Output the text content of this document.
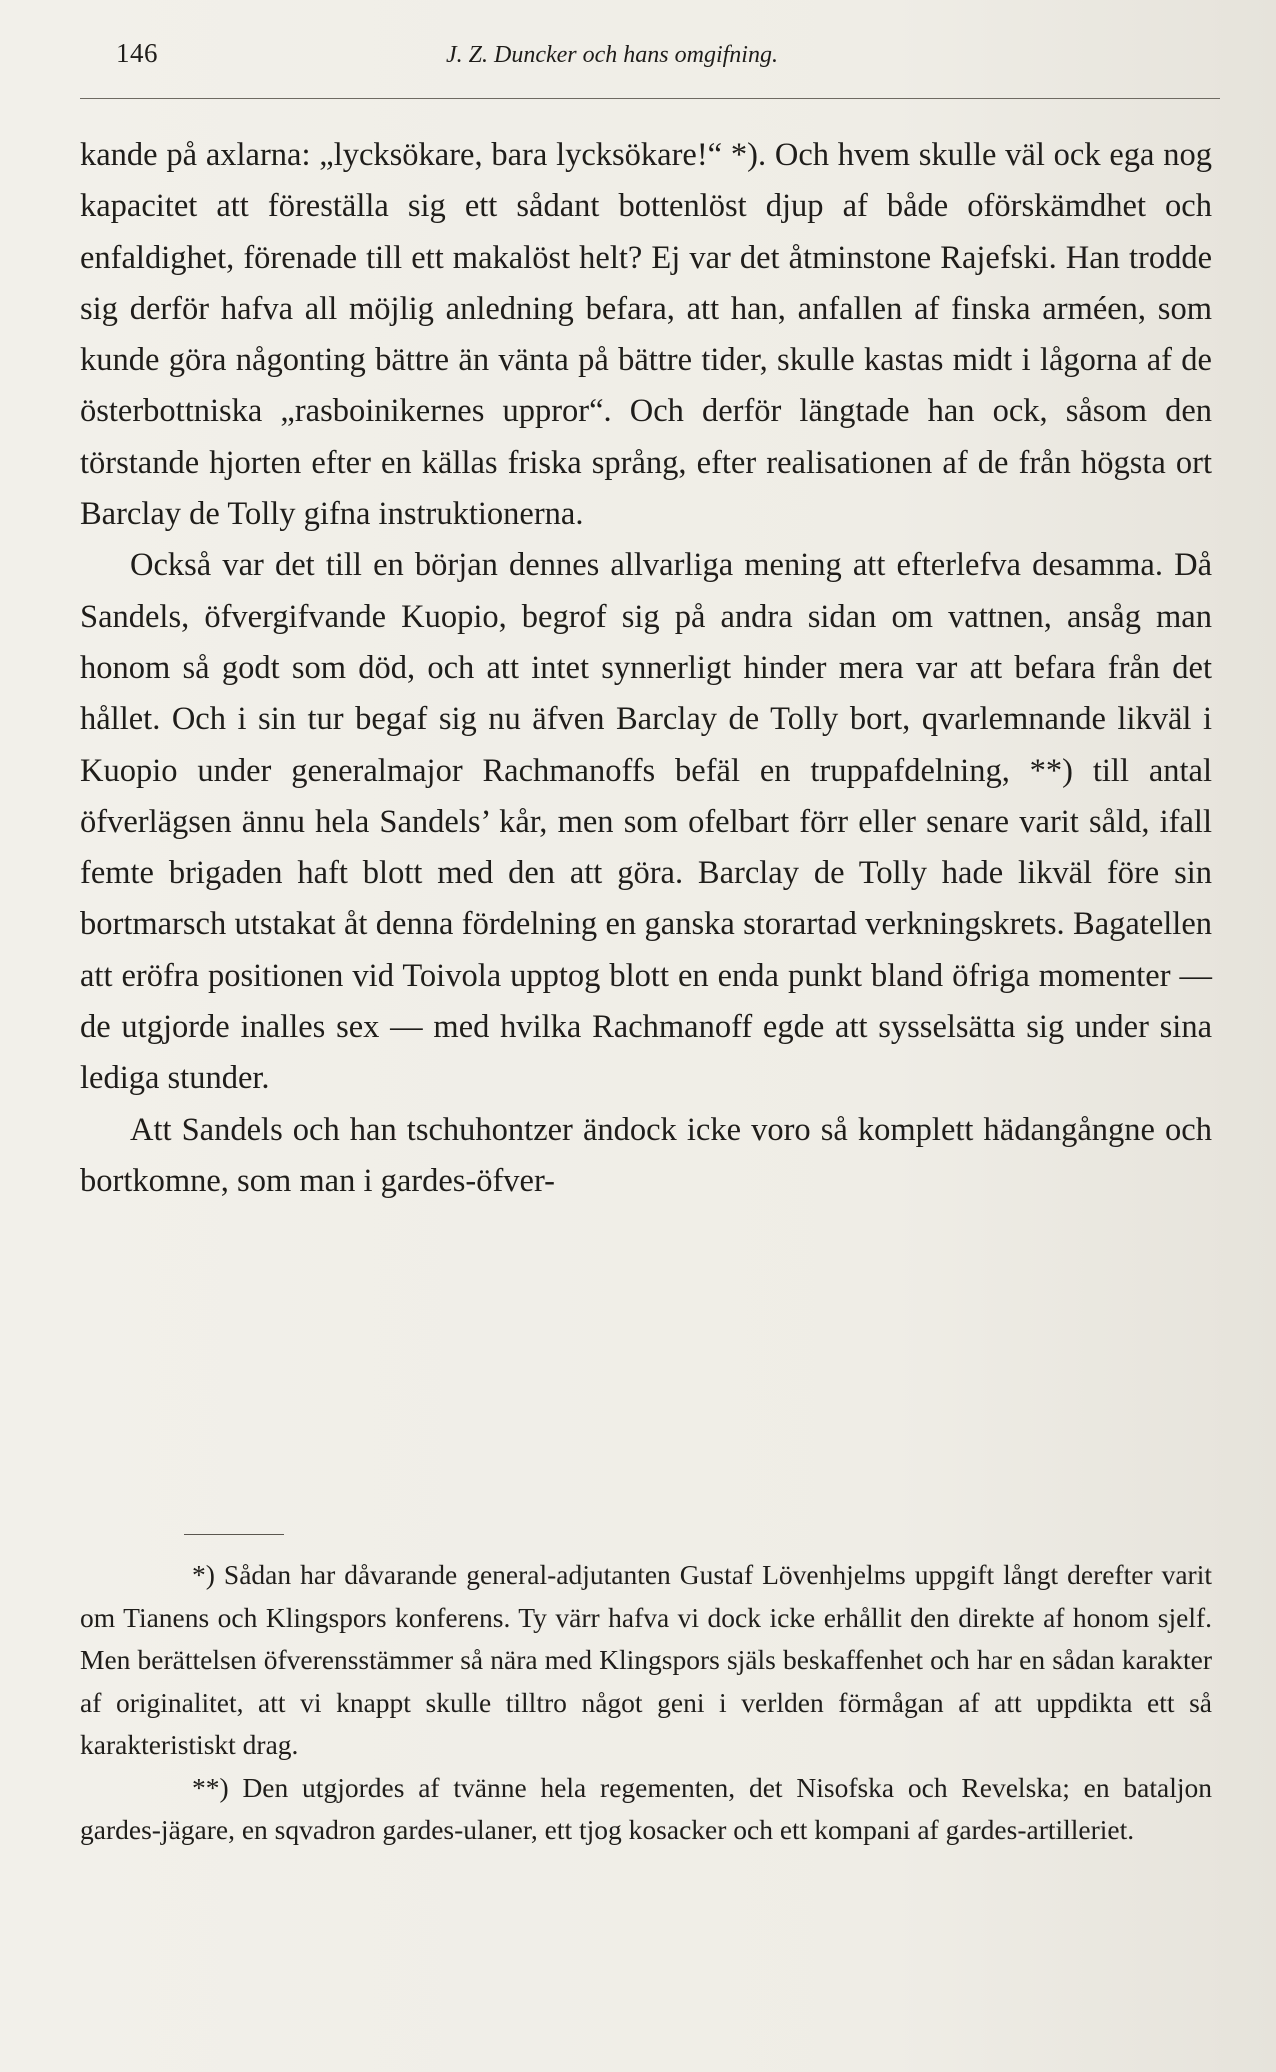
146	J. Z. Duncker och hans omgifning.

kande på axlarna: „lycksökare, bara lycksökare!“ *). Och hvem skulle väl ock ega nog kapacitet att föreställa sig ett sådant bottenlöst djup af både oförskämdhet och enfaldighet, förenade till ett makalöst helt? Ej var det åtminstone Rajefski. Han trodde sig derför hafva all möjlig anledning befara, att han, anfallen af finska arméen, som kunde göra någonting bättre än vänta på bättre tider, skulle kastas midt i lågorna af de österbottniska „rasboinikernes uppror“. Och derför längtade han ock, såsom den törstande hjorten efter en källas friska språng, efter realisationen af de från högsta ort Barclay de Tolly gifna instruktionerna.

Också var det till en början dennes allvarliga mening att efterlefva desamma. Då Sandels, öfvergifvande Kuopio, begrof sig på andra sidan om vattnen, ansåg man honom så godt som död, och att intet synnerligt hinder mera var att befara från det hållet. Och i sin tur begaf sig nu äfven Barclay de Tolly bort, qvarlemnande likväl i Kuopio under generalmajor Rachmanoffs befäl en truppafdelning, **) till antal öfverlägsen ännu hela Sandels’ kår, men som ofelbart förr eller senare varit såld, ifall femte brigaden haft blott med den att göra. Barclay de Tolly hade likväl före sin bortmarsch utstakat åt denna fördelning en ganska storartad verkningskrets. Bagatellen att eröfra positionen vid Toivola upptog blott en enda punkt bland öfriga momenter — de utgjorde inalles sex — med hvilka Rachmanoff egde att sysselsätta sig under sina lediga stunder.

Att Sandels och han tschuhontzer ändock icke voro så komplett hädangångne och bortkomne, som man i gardes-öfver-

*) Sådan har dåvarande general-adjutanten Gustaf Lövenhjelms uppgift långt derefter varit om Tianens och Klingspors konferens. Ty värr hafva vi dock icke erhållit den direkte af honom sjelf. Men berättelsen öfverensstämmer så nära med Klingspors själs beskaffenhet och har en sådan karakter af originalitet, att vi knappt skulle tilltro något geni i verlden förmågan af att uppdikta ett så karakteristiskt drag.

**) Den utgjordes af tvänne hela regementen, det Nisofska och Revelska; en bataljon gardes-jägare, en sqvadron gardes-ulaner, ett tjog kosacker och ett kompani af gardes-artilleriet.
